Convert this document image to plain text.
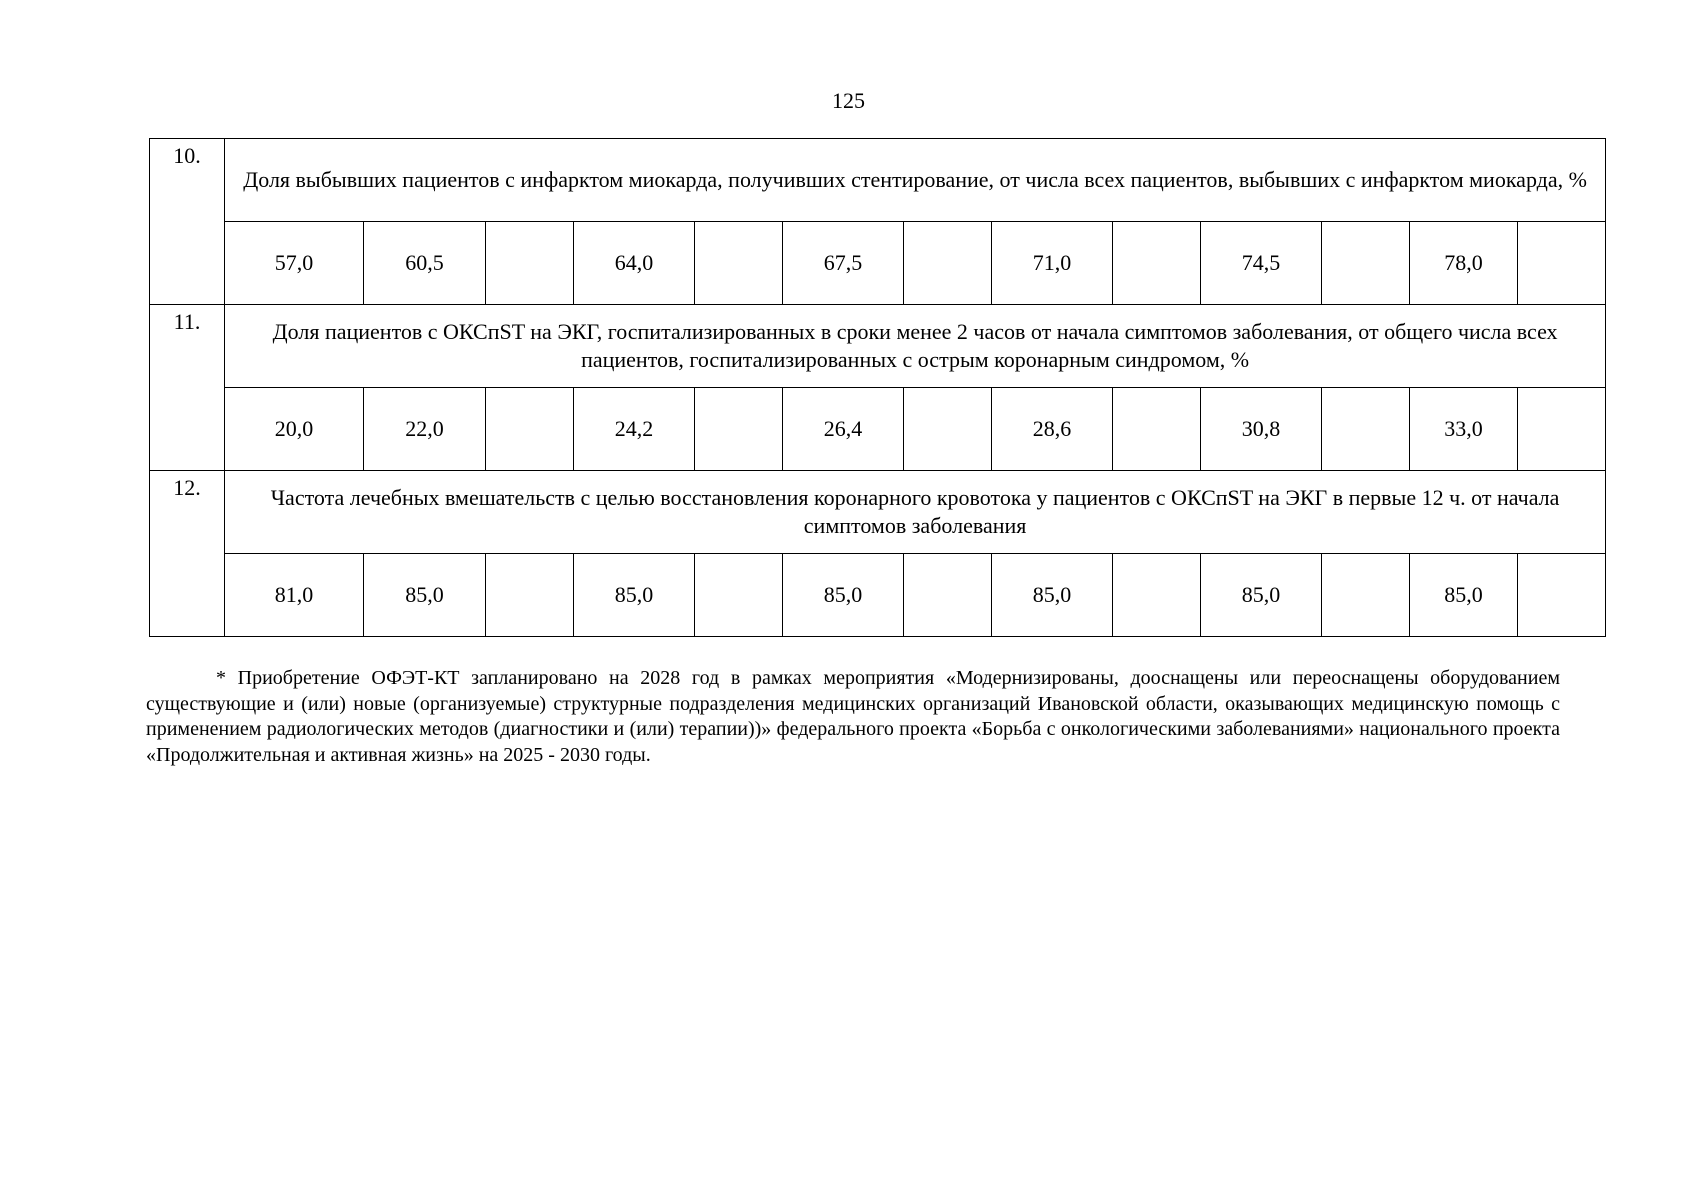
125
10.	Доля выбывших пациентов с инфарктом миокарда, получивших стентирование, от числа всех пациентов, выбывших с инфарктом миокарда, %												
	57,0	60,5		64,0		67,5		71,0		74,5		78,0	
11.	Доля пациентов с ОКСпST на ЭКГ, госпитализированных в сроки менее 2 часов от начала симптомов заболевания, от общего числа всех пациентов, госпитализированных с острым коронарным синдромом, %												
	20,0	22,0		24,2		26,4		28,6		30,8		33,0	
12.	Частота лечебных вмешательств с целью восстановления коронарного кровотока у пациентов с ОКСпST на ЭКГ в первые 12 ч. от начала симптомов заболевания												
	81,0	85,0		85,0		85,0		85,0		85,0		85,0	
* Приобретение ОФЭТ-КТ запланировано на 2028 год в рамках мероприятия «Модернизированы, дооснащены или переоснащены оборудованием существующие и (или) новые (организуемые) структурные подразделения медицинских организаций Ивановской области, оказывающих медицинскую помощь с применением радиологических методов (диагностики и (или) терапии))» федерального проекта «Борьба с онкологическими заболеваниями» национального проекта «Продолжительная и активная жизнь» на 2025 - 2030 годы.
